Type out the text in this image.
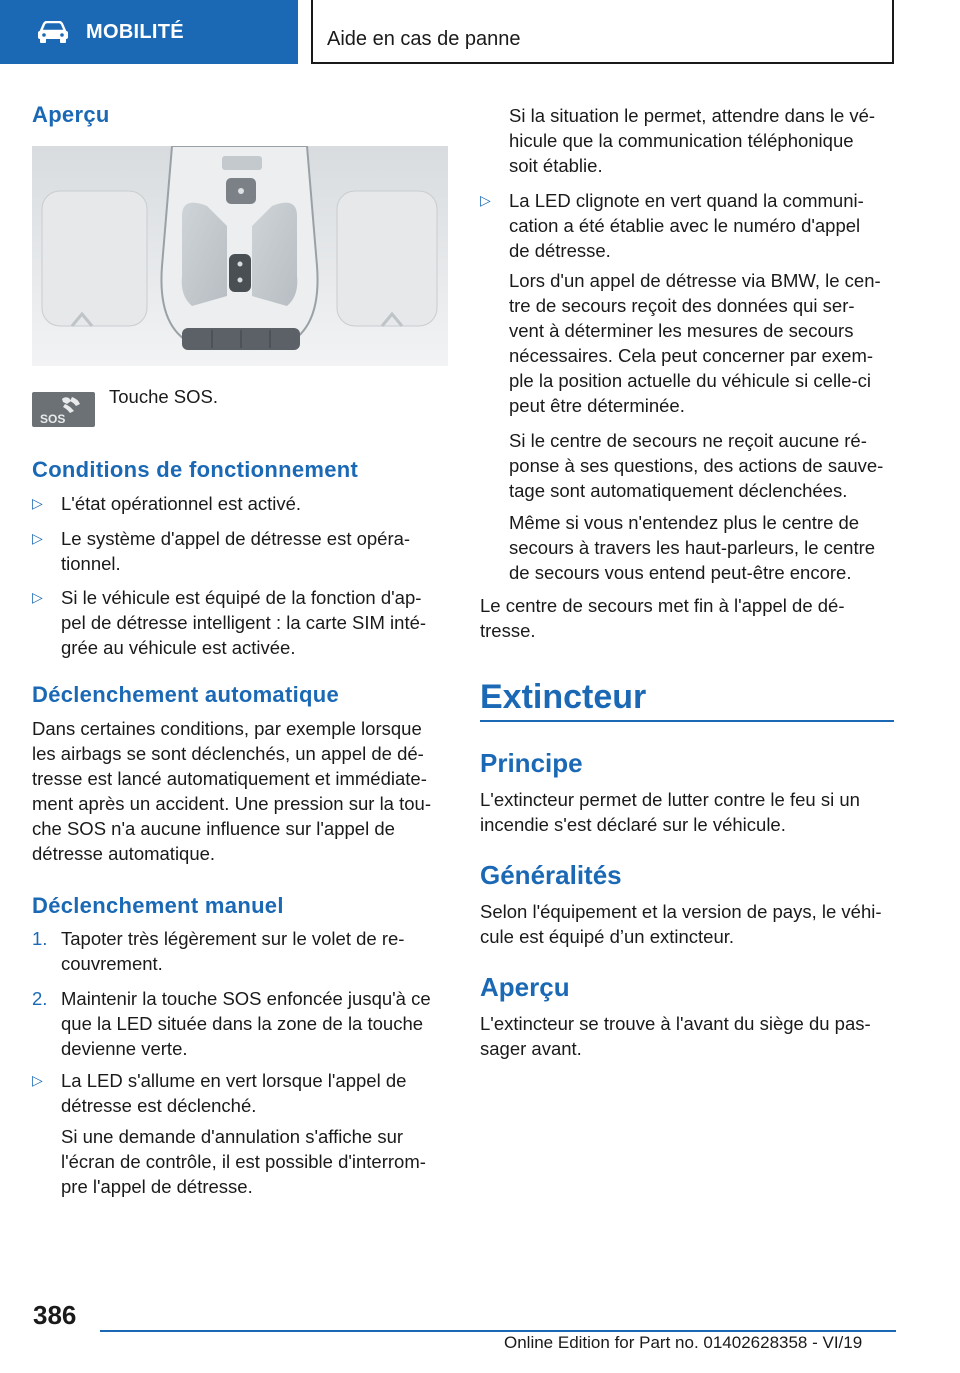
MOBILITÉ	Aide en cas de panne
Aperçu
SOS
Touche SOS.
Conditions de fonctionnement
▷ L'état opérationnel est activé.
▷ Le système d'appel de détresse est opéra-
tionnel.
▷ Si le véhicule est équipé de la fonction d'ap-
pel de détresse intelligent : la carte SIM inté-
grée au véhicule est activée.
Déclenchement automatique
Dans certaines conditions, par exemple lorsque
les airbags se sont déclenchés, un appel de dé-
tresse est lancé automatiquement et immédiate-
ment après un accident. Une pression sur la tou-
che SOS n'a aucune influence sur l'appel de
détresse automatique.
Déclenchement manuel
1. Tapoter très légèrement sur le volet de re-
couvrement.
2. Maintenir la touche SOS enfoncée jusqu'à ce
que la LED située dans la zone de la touche
devienne verte.
▷ La LED s'allume en vert lorsque l'appel de
détresse est déclenché.
Si une demande d'annulation s'affiche sur
l'écran de contrôle, il est possible d'interrom-
pre l'appel de détresse.
Si la situation le permet, attendre dans le vé-
hicule que la communication téléphonique
soit établie.
▷ La LED clignote en vert quand la communi-
cation a été établie avec le numéro d'appel
de détresse.
Lors d'un appel de détresse via BMW, le cen-
tre de secours reçoit des données qui ser-
vent à déterminer les mesures de secours
nécessaires. Cela peut concerner par exem-
ple la position actuelle du véhicule si celle-ci
peut être déterminée.
Si le centre de secours ne reçoit aucune ré-
ponse à ses questions, des actions de sauve-
tage sont automatiquement déclenchées.
Même si vous n'entendez plus le centre de
secours à travers les haut-parleurs, le centre
de secours vous entend peut-être encore.
Le centre de secours met fin à l'appel de dé-
tresse.
Extincteur
Principe
L'extincteur permet de lutter contre le feu si un
incendie s'est déclaré sur le véhicule.
Généralités
Selon l'équipement et la version de pays, le véhi-
cule est équipé d’un extincteur.
Aperçu
L'extincteur se trouve à l'avant du siège du pas-
sager avant.
386
Online Edition for Part no. 01402628358 - VI/19
